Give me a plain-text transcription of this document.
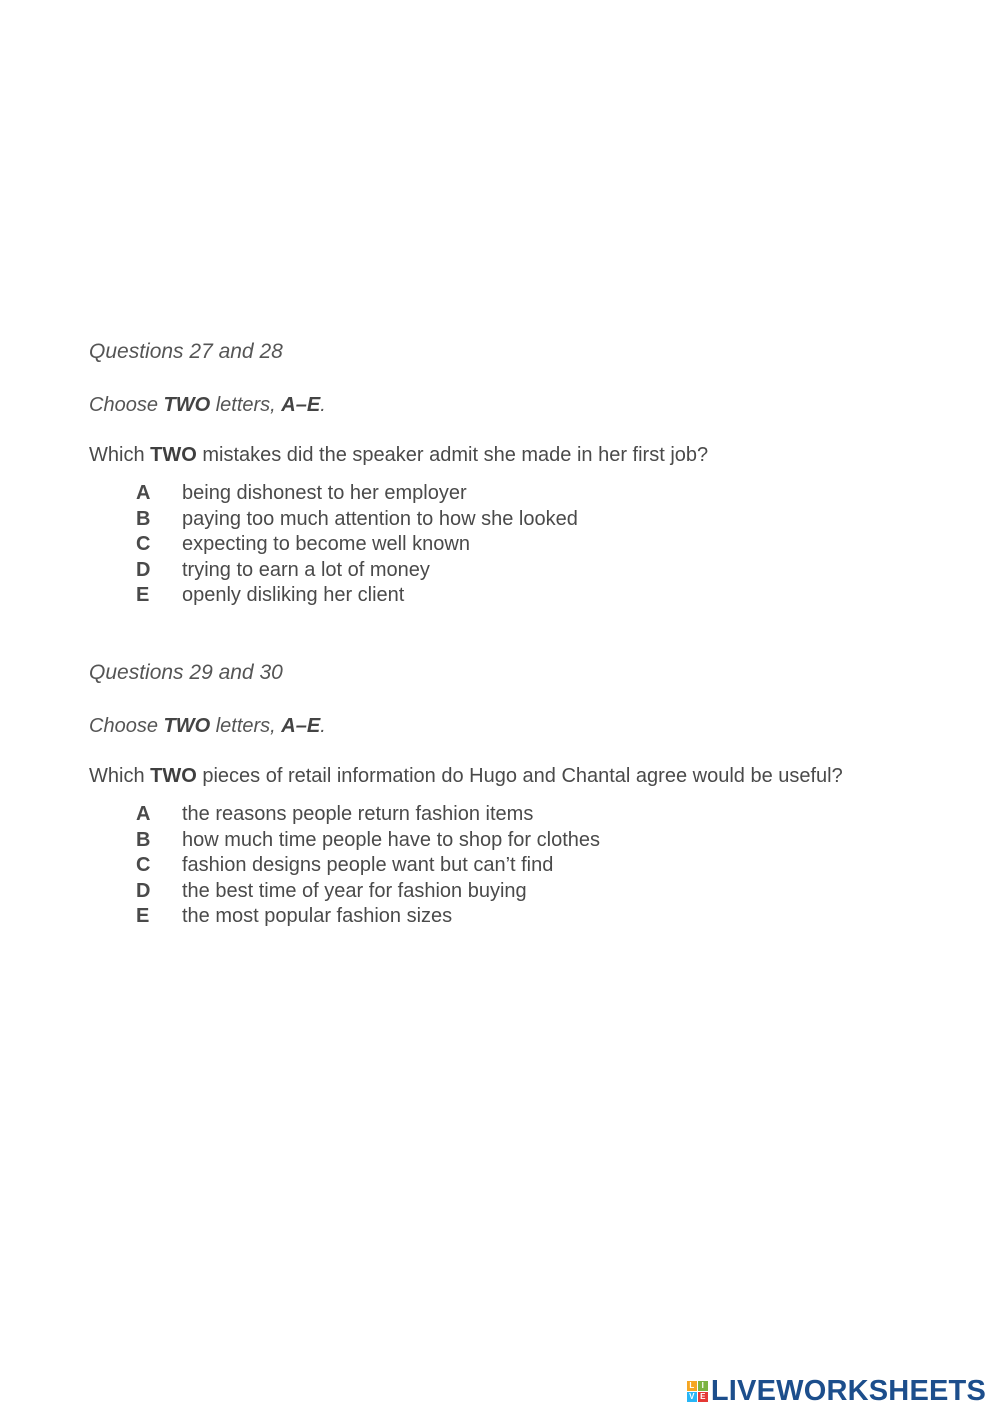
Questions 27 and 28

Choose TWO letters, A–E.

Which TWO mistakes did the speaker admit she made in her first job?

A	being dishonest to her employer
B	paying too much attention to how she looked
C	expecting to become well known
D	trying to earn a lot of money
E	openly disliking her client

Questions 29 and 30

Choose TWO letters, A–E.

Which TWO pieces of retail information do Hugo and Chantal agree would be useful?

A	the reasons people return fashion items
B	how much time people have to shop for clothes
C	fashion designs people want but can’t find
D	the best time of year for fashion buying
E	the most popular fashion sizes
L I
V E LIVEWORKSHEETS
